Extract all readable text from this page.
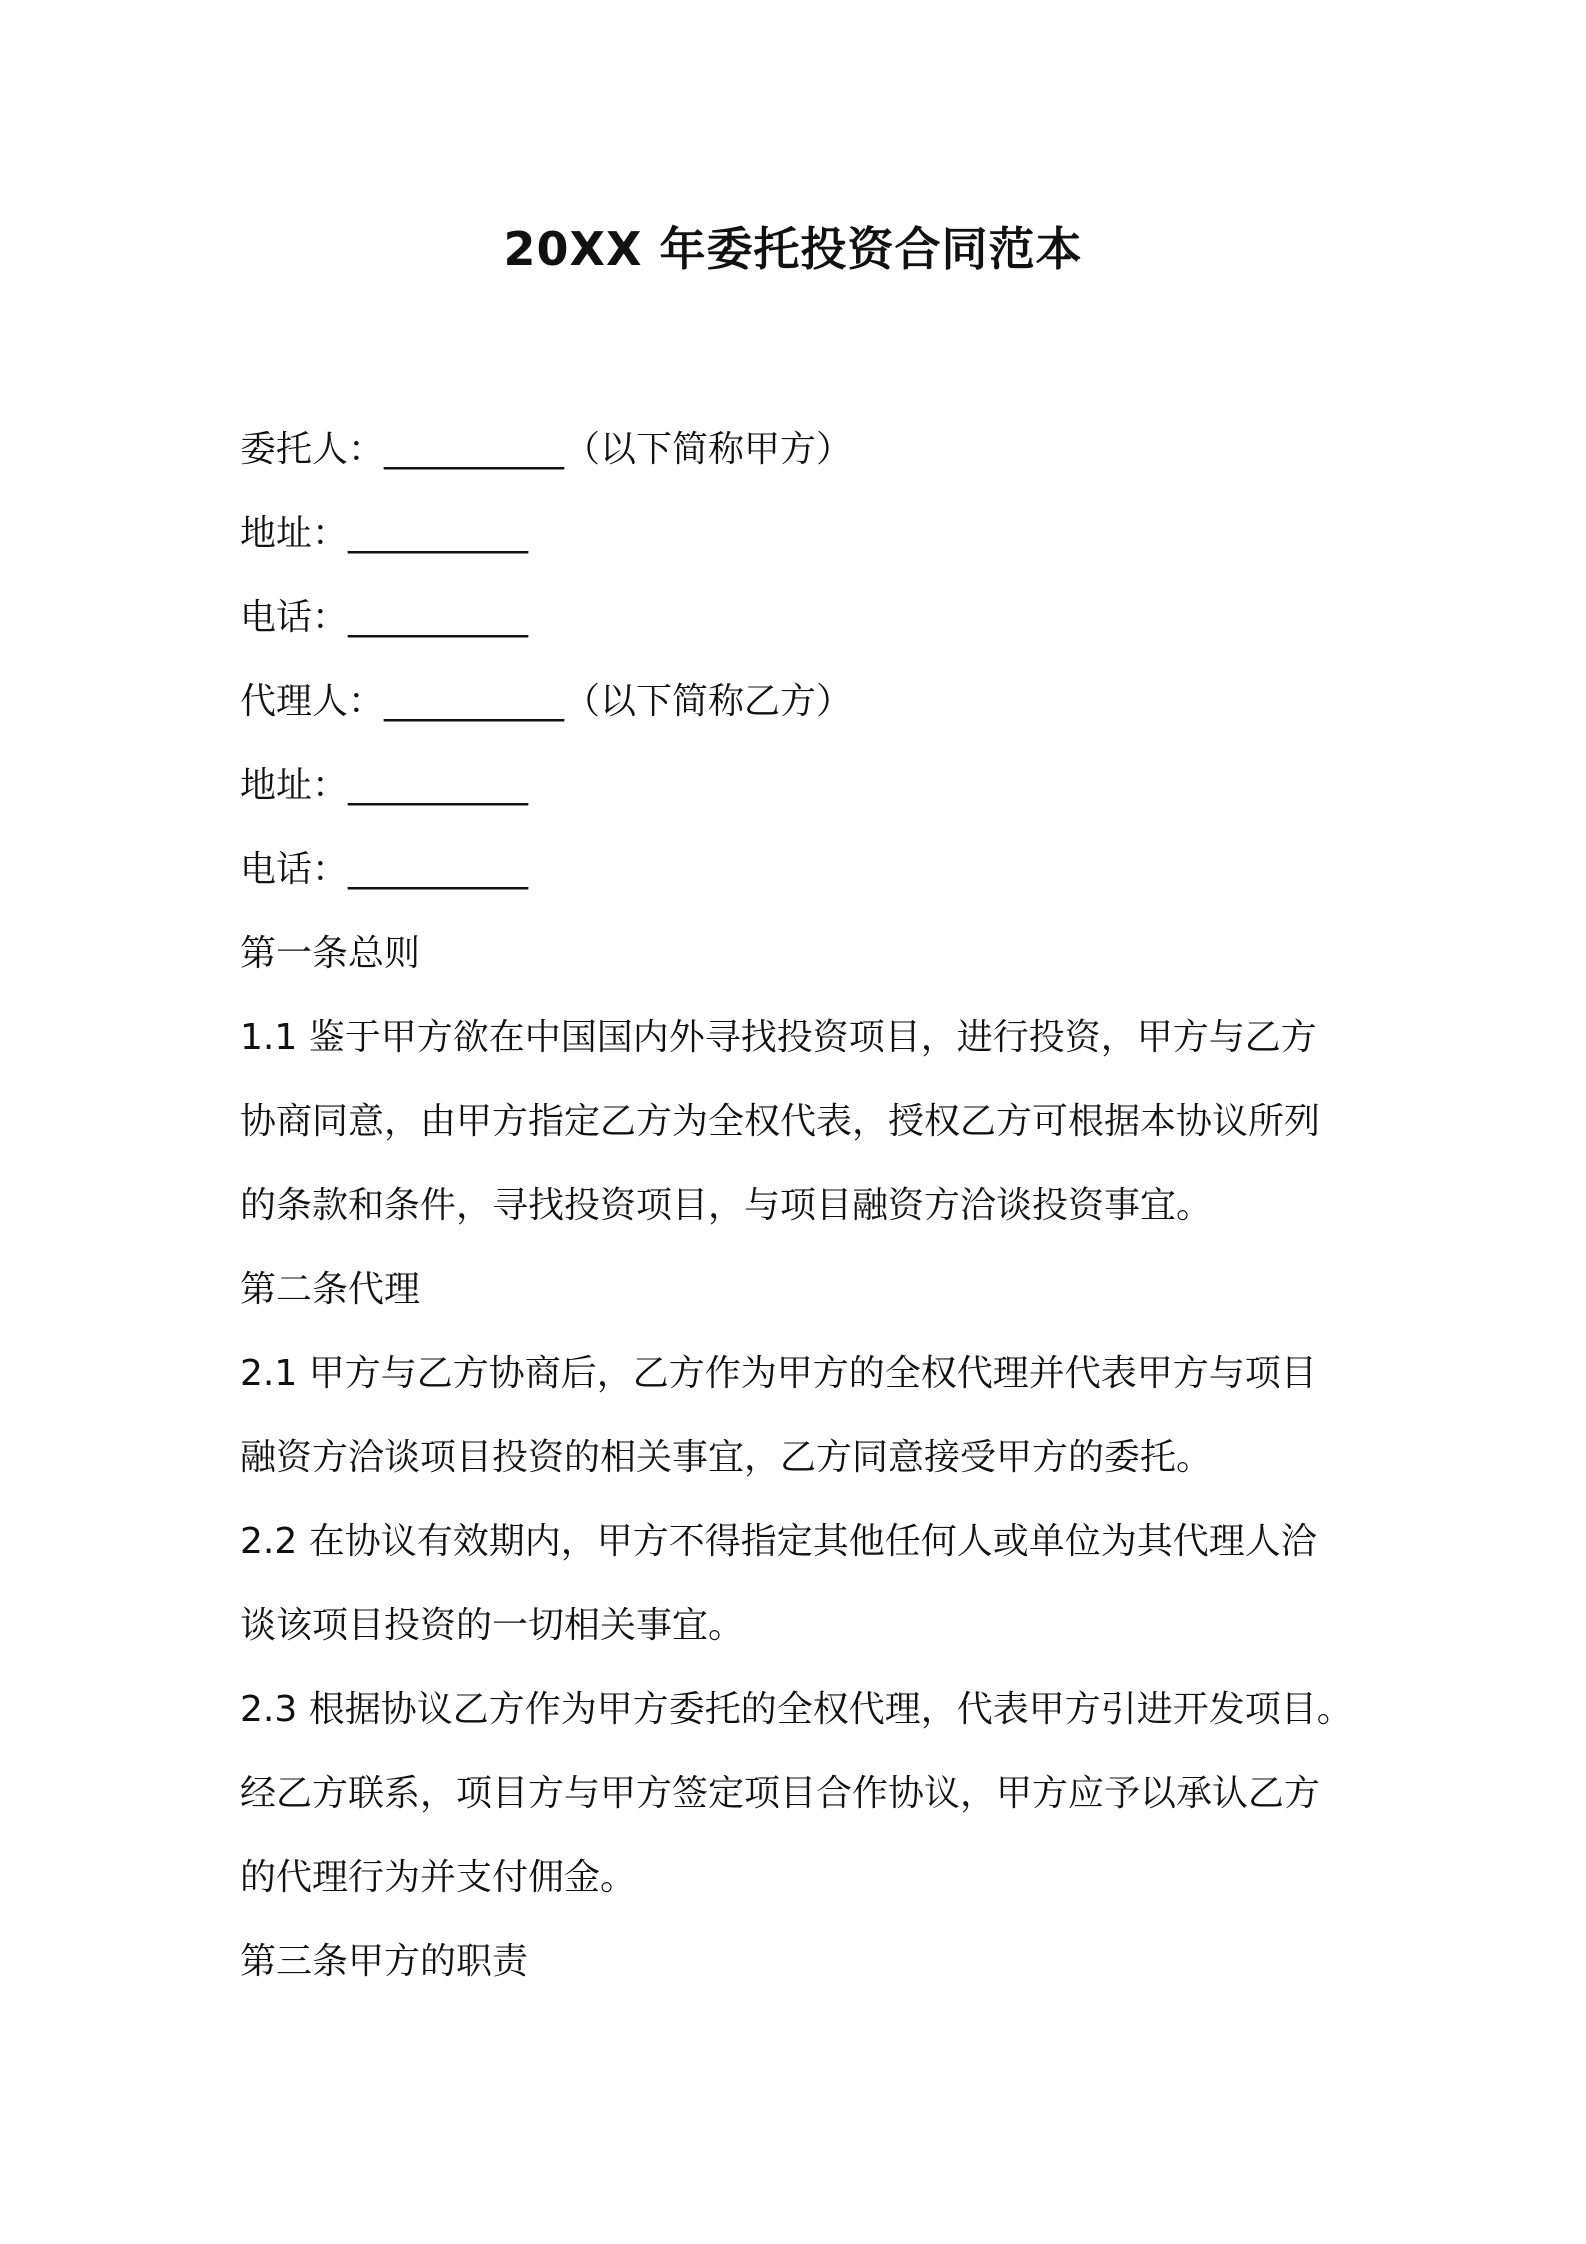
20XX 年委托投资合同范本
委托人：__________（以下简称甲方）
地址：__________
电话：__________
代理人：__________（以下简称乙方）
地址：__________
电话：__________
第一条总则
1.1 鉴于甲方欲在中国国内外寻找投资项目，进行投资，甲方与乙方
协商同意，由甲方指定乙方为全权代表，授权乙方可根据本协议所列
的条款和条件，寻找投资项目，与项目融资方洽谈投资事宜。
第二条代理
2.1 甲方与乙方协商后，乙方作为甲方的全权代理并代表甲方与项目
融资方洽谈项目投资的相关事宜，乙方同意接受甲方的委托。
2.2 在协议有效期内，甲方不得指定其他任何人或单位为其代理人洽
谈该项目投资的一切相关事宜。
2.3 根据协议乙方作为甲方委托的全权代理，代表甲方引进开发项目。
经乙方联系，项目方与甲方签定项目合作协议，甲方应予以承认乙方
的代理行为并支付佣金。
第三条甲方的职责
